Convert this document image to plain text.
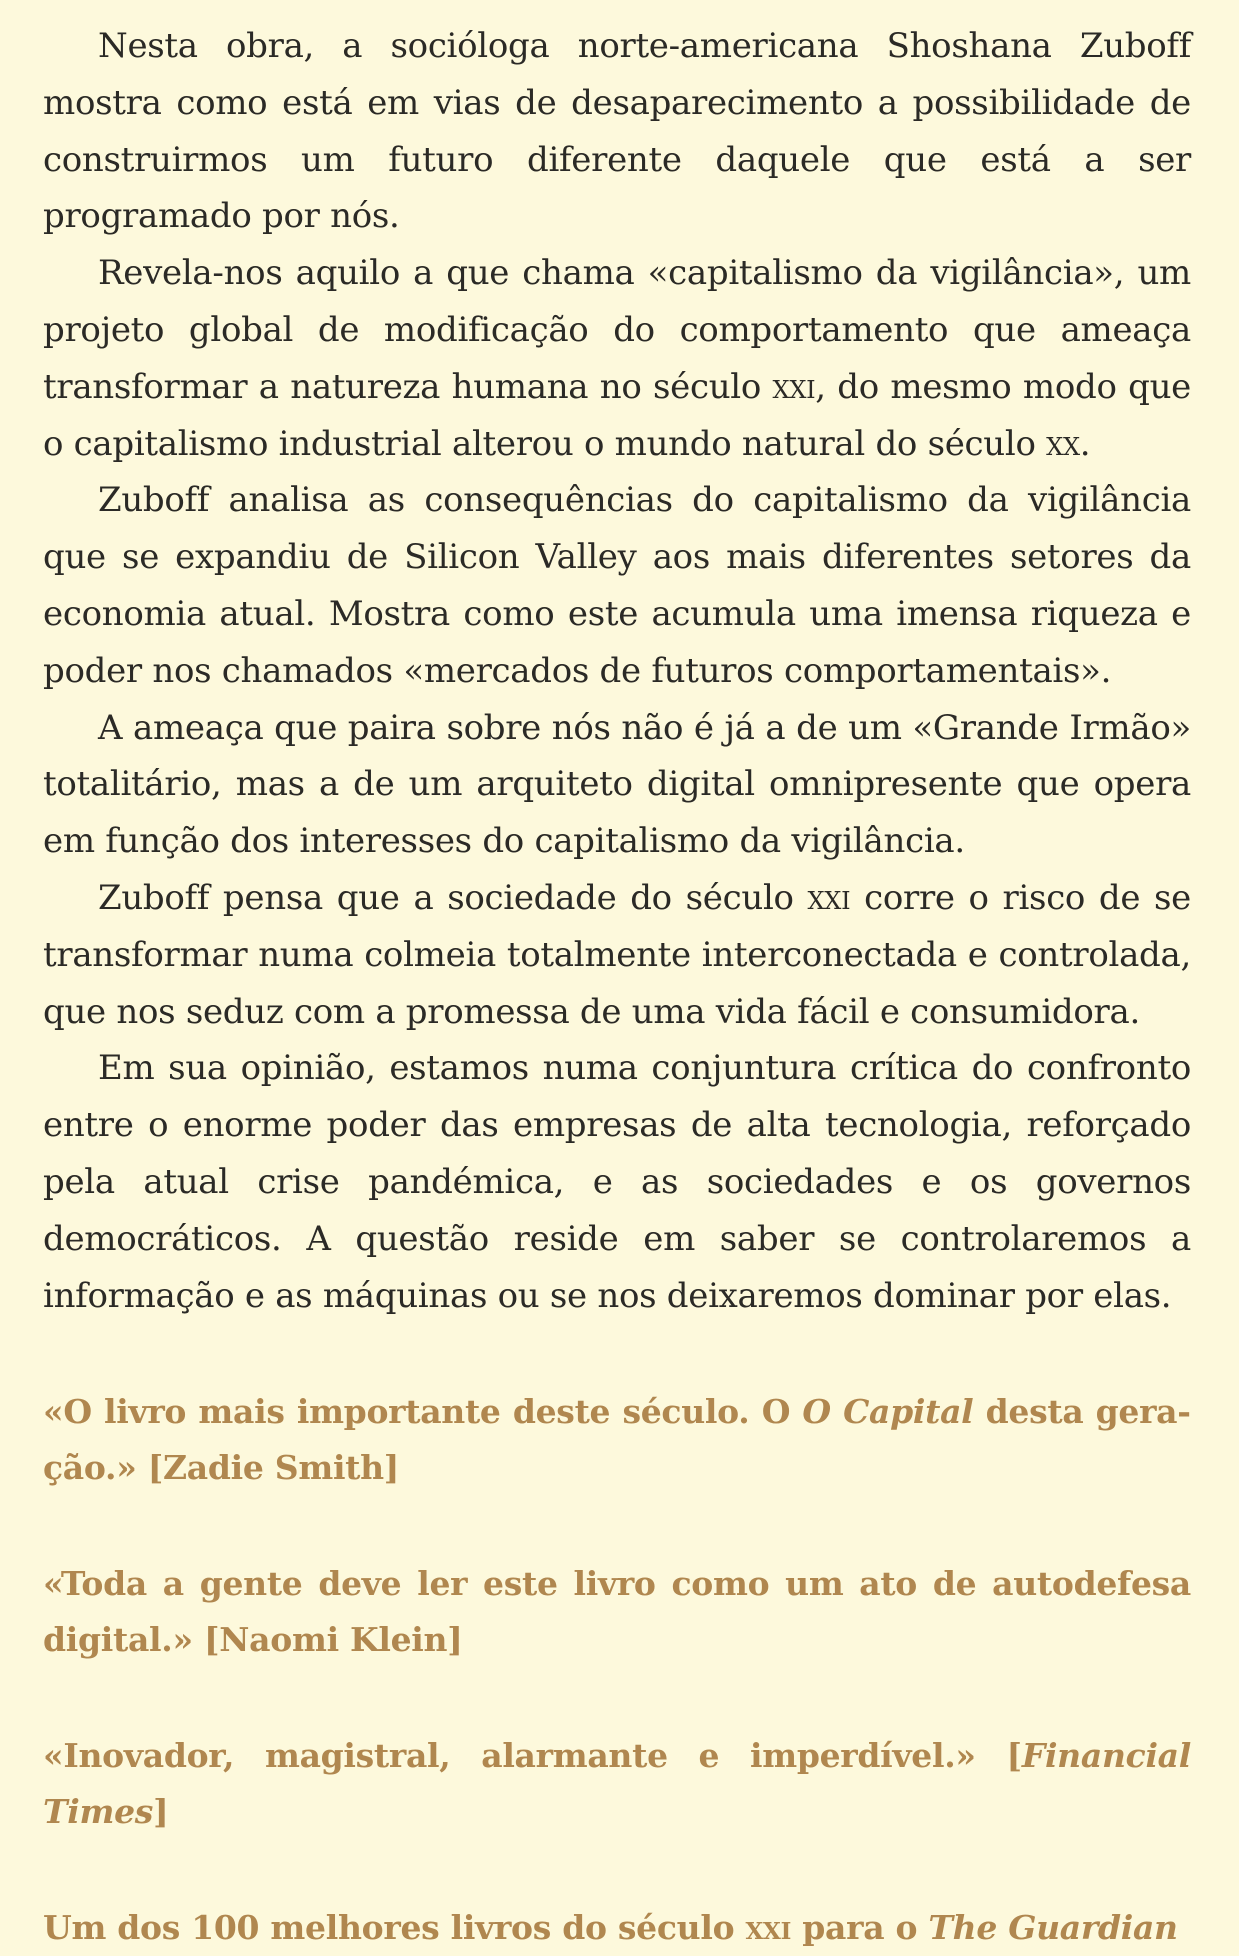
Nesta obra, a socióloga norte-americana Shoshana Zuboff mostra como está em vias de desaparecimento a possibilidade de construirmos um futuro diferente daquele que está a ser programado por nós.

Revela-nos aquilo a que chama «capitalismo da vigilância», um projeto global de modificação do comportamento que ameaça transformar a natureza humana no século xxi, do mesmo modo que o capitalismo industrial alterou o mundo natural do século xx.

Zuboff analisa as consequências do capitalismo da vigilância que se expandiu de Silicon Valley aos mais diferentes setores da economia atual. Mostra como este acumula uma imensa riqueza e poder nos chamados «mercados de futuros comportamentais».

A ameaça que paira sobre nós não é já a de um «Grande Irmão» totalitário, mas a de um arquiteto digital omnipresente que opera em função dos interesses do capitalismo da vigilância.

Zuboff pensa que a sociedade do século xxi corre o risco de se transformar numa colmeia totalmente interconectada e controlada, que nos seduz com a promessa de uma vida fácil e consumidora.

Em sua opinião, estamos numa conjuntura crítica do confronto entre o enorme poder das empresas de alta tecnologia, reforçado pela atual crise pandémica, e as sociedades e os governos democráticos. A questão reside em saber se controlaremos a informação e as máquinas ou se nos deixaremos dominar por elas.

«O livro mais importante deste século. O O Capital desta geração.» [Zadie Smith]

«Toda a gente deve ler este livro como um ato de autodefesa digital.» [Naomi Klein]

«Inovador, magistral, alarmante e imperdível.» [Financial Times]

Um dos 100 melhores livros do século xxi para o The Guardian
